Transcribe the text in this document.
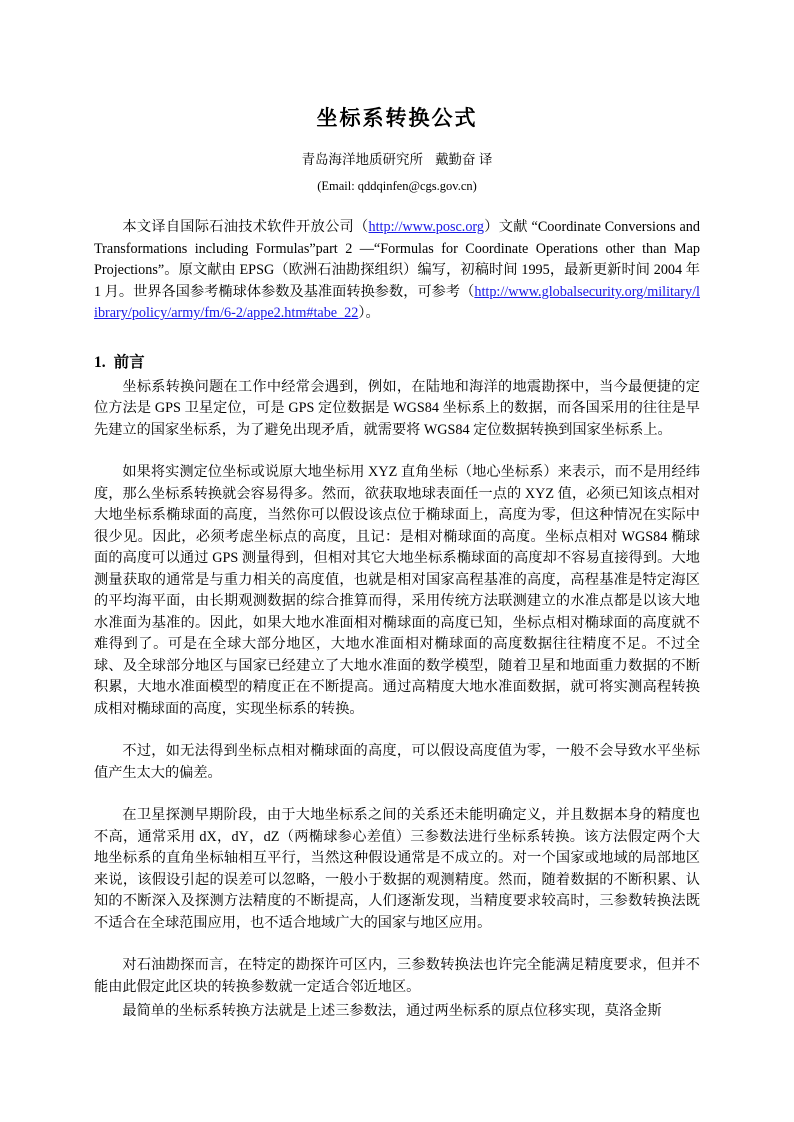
坐标系转换公式

青岛海洋地质研究所 戴勤奋 译

(Email: qddqinfen@cgs.gov.cn)

本文译自国际石油技术软件开放公司（http://www.posc.org）文献 “Coordinate Conversions and Transformations including Formulas”part 2 —“Formulas for Coordinate Operations other than Map Projections”。原文献由 EPSG（欧洲石油勘探组织）编写，初稿时间 1995，最新更新时间 2004 年 1 月。世界各国参考椭球体参数及基准面转换参数，可参考（http://www.globalsecurity.org/military/library/policy/army/fm/6-2/appe2.htm#tabe_22）。

1. 前言

坐标系转换问题在工作中经常会遇到，例如，在陆地和海洋的地震勘探中，当今最便捷的定位方法是 GPS 卫星定位，可是 GPS 定位数据是 WGS84 坐标系上的数据，而各国采用的往往是早先建立的国家坐标系，为了避免出现矛盾，就需要将 WGS84 定位数据转换到国家坐标系上。

如果将实测定位坐标或说原大地坐标用 XYZ 直角坐标（地心坐标系）来表示，而不是用经纬度，那么坐标系转换就会容易得多。然而，欲获取地球表面任一点的 XYZ 值，必须已知该点相对大地坐标系椭球面的高度，当然你可以假设该点位于椭球面上，高度为零，但这种情况在实际中很少见。因此，必须考虑坐标点的高度，且记：是相对椭球面的高度。坐标点相对 WGS84 椭球面的高度可以通过 GPS 测量得到，但相对其它大地坐标系椭球面的高度却不容易直接得到。大地测量获取的通常是与重力相关的高度值，也就是相对国家高程基准的高度，高程基准是特定海区的平均海平面，由长期观测数据的综合推算而得，采用传统方法联测建立的水准点都是以该大地水准面为基准的。因此，如果大地水准面相对椭球面的高度已知，坐标点相对椭球面的高度就不难得到了。可是在全球大部分地区，大地水准面相对椭球面的高度数据往往精度不足。不过全球、及全球部分地区与国家已经建立了大地水准面的数学模型，随着卫星和地面重力数据的不断积累，大地水准面模型的精度正在不断提高。通过高精度大地水准面数据，就可将实测高程转换成相对椭球面的高度，实现坐标系的转换。

不过，如无法得到坐标点相对椭球面的高度，可以假设高度值为零，一般不会导致水平坐标值产生太大的偏差。

在卫星探测早期阶段，由于大地坐标系之间的关系还未能明确定义，并且数据本身的精度也不高，通常采用 dX，dY，dZ（两椭球参心差值）三参数法进行坐标系转换。该方法假定两个大地坐标系的直角坐标轴相互平行，当然这种假设通常是不成立的。对一个国家或地域的局部地区来说，该假设引起的误差可以忽略，一般小于数据的观测精度。然而，随着数据的不断积累、认知的不断深入及探测方法精度的不断提高，人们逐渐发现，当精度要求较高时，三参数转换法既不适合在全球范围应用，也不适合地域广大的国家与地区应用。

对石油勘探而言，在特定的勘探许可区内，三参数转换法也许完全能满足精度要求，但并不能由此假定此区块的转换参数就一定适合邻近地区。

最简单的坐标系转换方法就是上述三参数法，通过两坐标系的原点位移实现，莫洛金斯
